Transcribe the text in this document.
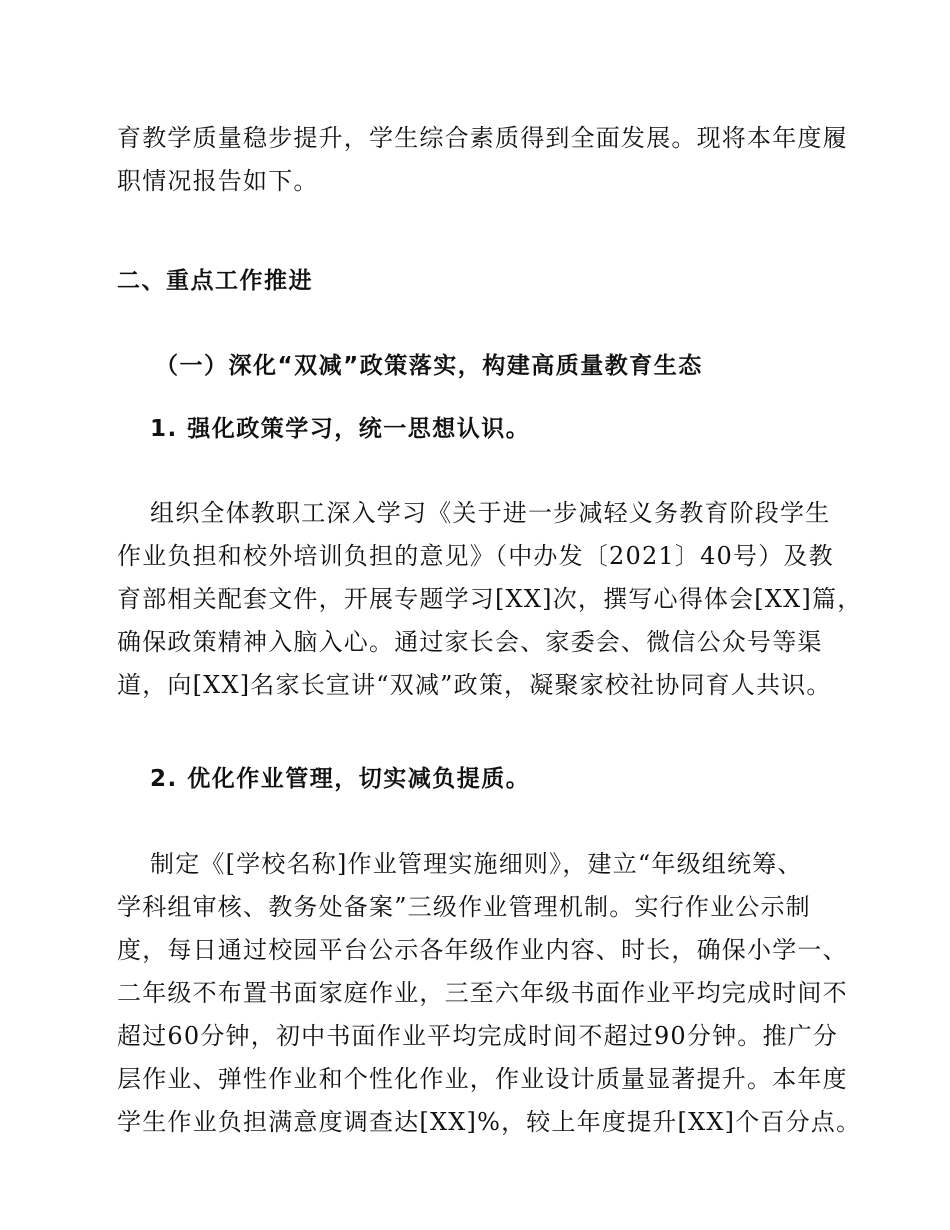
育教学质量稳步提升，学生综合素质得到全面发展。现将本年度履
职情况报告如下。
二、重点工作推进
（一）深化“双减”政策落实，构建高质量教育生态
1. 强化政策学习，统一思想认识。
组织全体教职工深入学习《关于进一步减轻义务教育阶段学生
作业负担和校外培训负担的意见》（中办发〔2021〕40号）及教
育部相关配套文件，开展专题学习[XX]次，撰写心得体会[XX]篇，
确保政策精神入脑入心。通过家长会、家委会、微信公众号等渠
道，向[XX]名家长宣讲“双减”政策，凝聚家校社协同育人共识。
2. 优化作业管理，切实减负提质。
制定《[学校名称]作业管理实施细则》，建立“年级组统筹、
学科组审核、教务处备案”三级作业管理机制。实行作业公示制
度，每日通过校园平台公示各年级作业内容、时长，确保小学一、
二年级不布置书面家庭作业，三至六年级书面作业平均完成时间不
超过60分钟，初中书面作业平均完成时间不超过90分钟。推广分
层作业、弹性作业和个性化作业，作业设计质量显著提升。本年度
学生作业负担满意度调查达[XX]%，较上年度提升[XX]个百分点。
